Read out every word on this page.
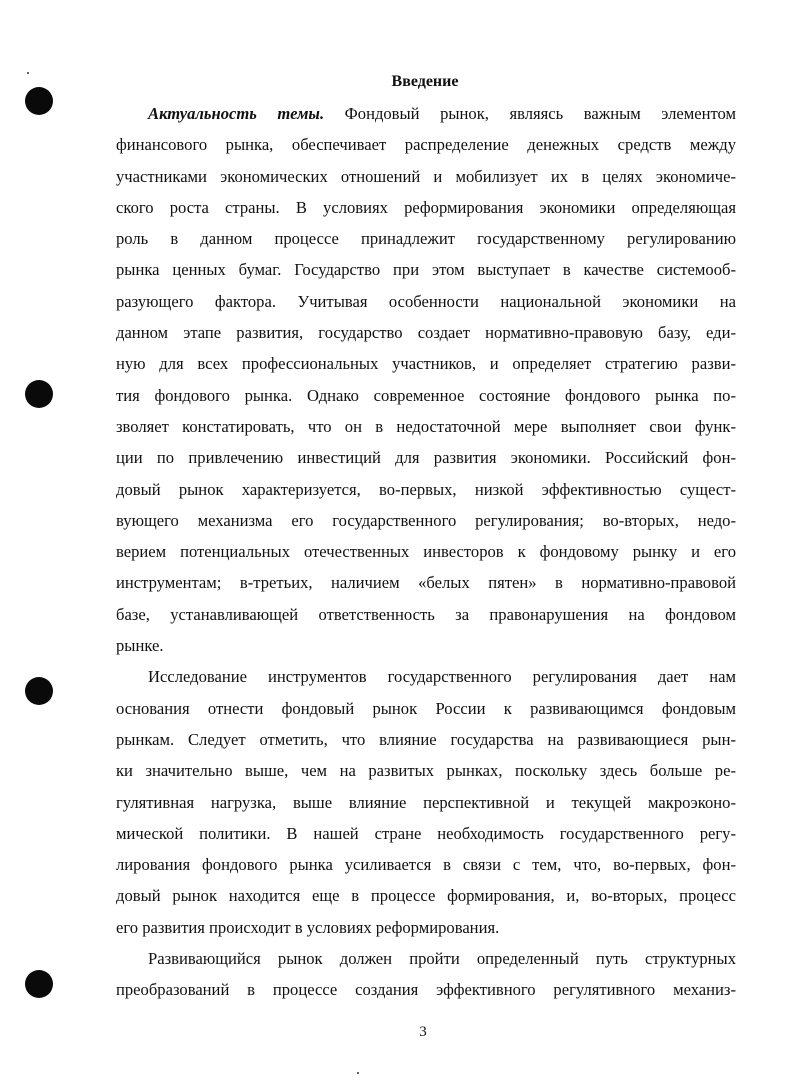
Введение
Актуальность темы. Фондовый рынок, являясь важным элементом
финансового рынка, обеспечивает распределение денежных средств между
участниками экономических отношений и мобилизует их в целях экономиче-
ского роста страны. В условиях реформирования экономики определяющая
роль в данном процессе принадлежит государственному регулированию
рынка ценных бумаг. Государство при этом выступает в качестве системооб-
разующего фактора. Учитывая особенности национальной экономики на
данном этапе развития, государство создает нормативно-правовую базу, еди-
ную для всех профессиональных участников, и определяет стратегию разви-
тия фондового рынка. Однако современное состояние фондового рынка по-
зволяет констатировать, что он в недостаточной мере выполняет свои функ-
ции по привлечению инвестиций для развития экономики. Российский фон-
довый рынок характеризуется, во-первых, низкой эффективностью сущест-
вующего механизма его государственного регулирования; во-вторых, недо-
верием потенциальных отечественных инвесторов к фондовому рынку и его
инструментам; в-третьих, наличием «белых пятен» в нормативно-правовой
базе, устанавливающей ответственность за правонарушения на фондовом
рынке.
Исследование инструментов государственного регулирования дает нам
основания отнести фондовый рынок России к развивающимся фондовым
рынкам. Следует отметить, что влияние государства на развивающиеся рын-
ки значительно выше, чем на развитых рынках, поскольку здесь больше ре-
гулятивная нагрузка, выше влияние перспективной и текущей макроэконо-
мической политики. В нашей стране необходимость государственного регу-
лирования фондового рынка усиливается в связи с тем, что, во-первых, фон-
довый рынок находится еще в процессе формирования, и, во-вторых, процесс
его развития происходит в условиях реформирования.
Развивающийся рынок должен пройти определенный путь структурных
преобразований в процессе создания эффективного регулятивного механиз-
3
